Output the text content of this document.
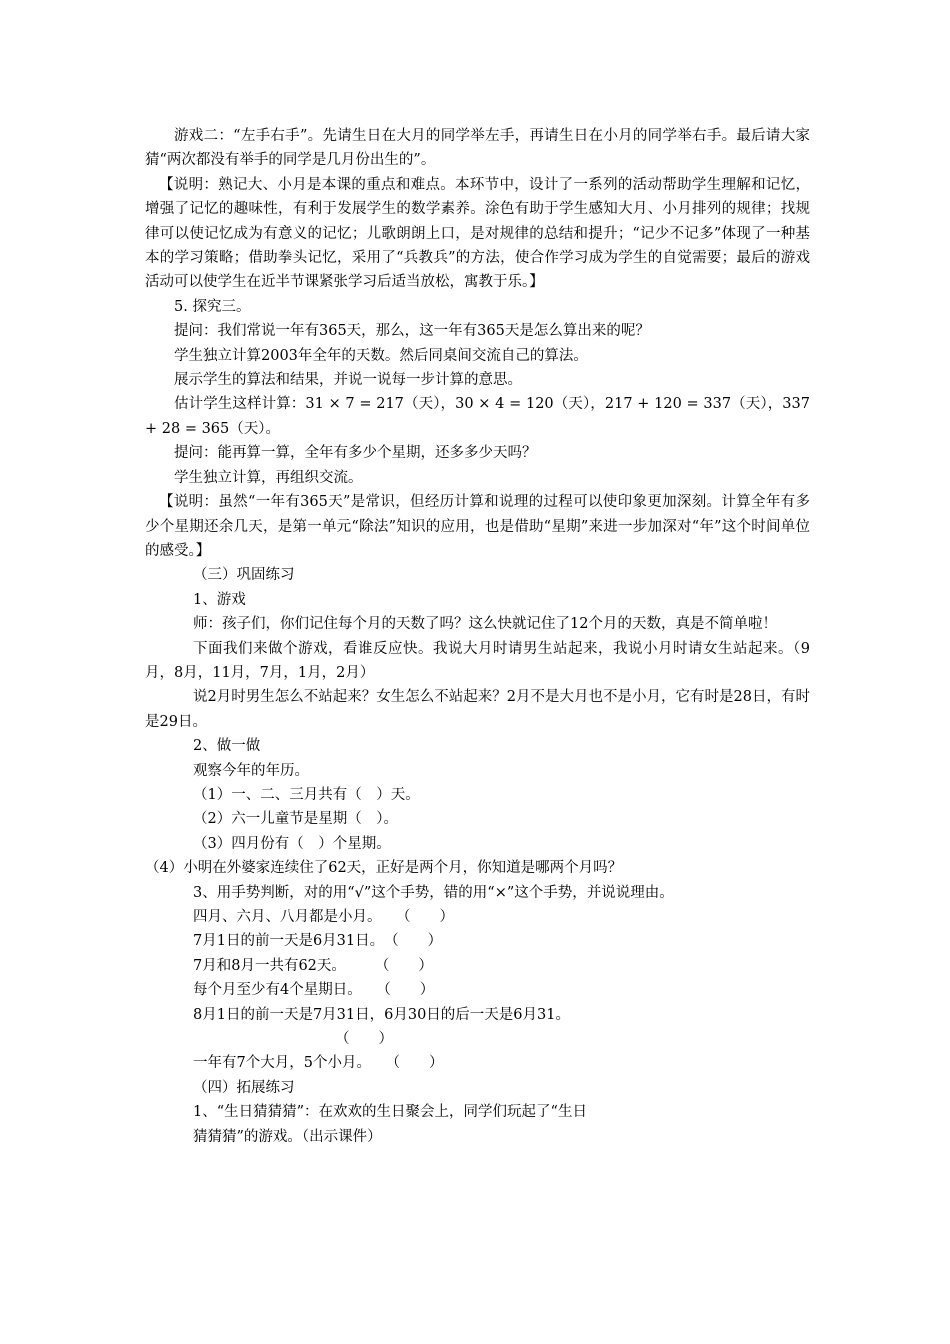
游戏二：“左手右手”。先请生日在大月的同学举左手，再请生日在小月的同学举右手。最后请大家猜“两次都没有举手的同学是几月份出生的”。

【说明：熟记大、小月是本课的重点和难点。本环节中，设计了一系列的活动帮助学生理解和记忆，增强了记忆的趣味性，有利于发展学生的数学素养。涂色有助于学生感知大月、小月排列的规律；找规律可以使记忆成为有意义的记忆；儿歌朗朗上口，是对规律的总结和提升；“记少不记多”体现了一种基本的学习策略；借助拳头记忆，采用了“兵教兵”的方法，使合作学习成为学生的自觉需要；最后的游戏活动可以使学生在近半节课紧张学习后适当放松，寓教于乐。】

5. 探究三。

提问：我们常说一年有365天，那么，这一年有365天是怎么算出来的呢？

学生独立计算2003年全年的天数。然后同桌间交流自己的算法。

展示学生的算法和结果，并说一说每一步计算的意思。

估计学生这样计算：31 × 7 = 217（天），30 × 4 = 120（天），217 + 120 = 337（天），337 + 28 = 365（天）。

提问：能再算一算，全年有多少个星期，还多多少天吗？

学生独立计算，再组织交流。

【说明：虽然“一年有365天”是常识，但经历计算和说理的过程可以使印象更加深刻。计算全年有多少个星期还余几天，是第一单元“除法”知识的应用，也是借助“星期”来进一步加深对“年”这个时间单位的感受。】

（三）巩固练习

1、游戏

师：孩子们，你们记住每个月的天数了吗？这么快就记住了12个月的天数，真是不简单啦！

下面我们来做个游戏，看谁反应快。我说大月时请男生站起来，我说小月时请女生站起来。（9月，8月，11月，7月，1月，2月）

说2月时男生怎么不站起来？女生怎么不站起来？2月不是大月也不是小月，它有时是28日，有时是29日。

2、做一做

观察今年的年历。

（1）一、二、三月共有（　）天。

（2）六一儿童节是星期（　）。

（3）四月份有（　）个星期。

（4）小明在外婆家连续住了62天，正好是两个月，你知道是哪两个月吗？

3、用手势判断，对的用“√”这个手势，错的用“×”这个手势，并说说理由。

四月、六月、八月都是小月。　　（　　）

7月1日的前一天是6月31日。　（　　）

7月和8月一共有62天。　　　（　　）

每个月至少有4个星期日。　　（　　）

8月1日的前一天是7月31日，6月30日的后一天是6月31。

（　　）

一年有7个大月，5个小月。　　（　　）

（四）拓展练习

1、“生日猜猜猜”：在欢欢的生日聚会上，同学们玩起了“生日

猜猜猜”的游戏。（出示课件）
